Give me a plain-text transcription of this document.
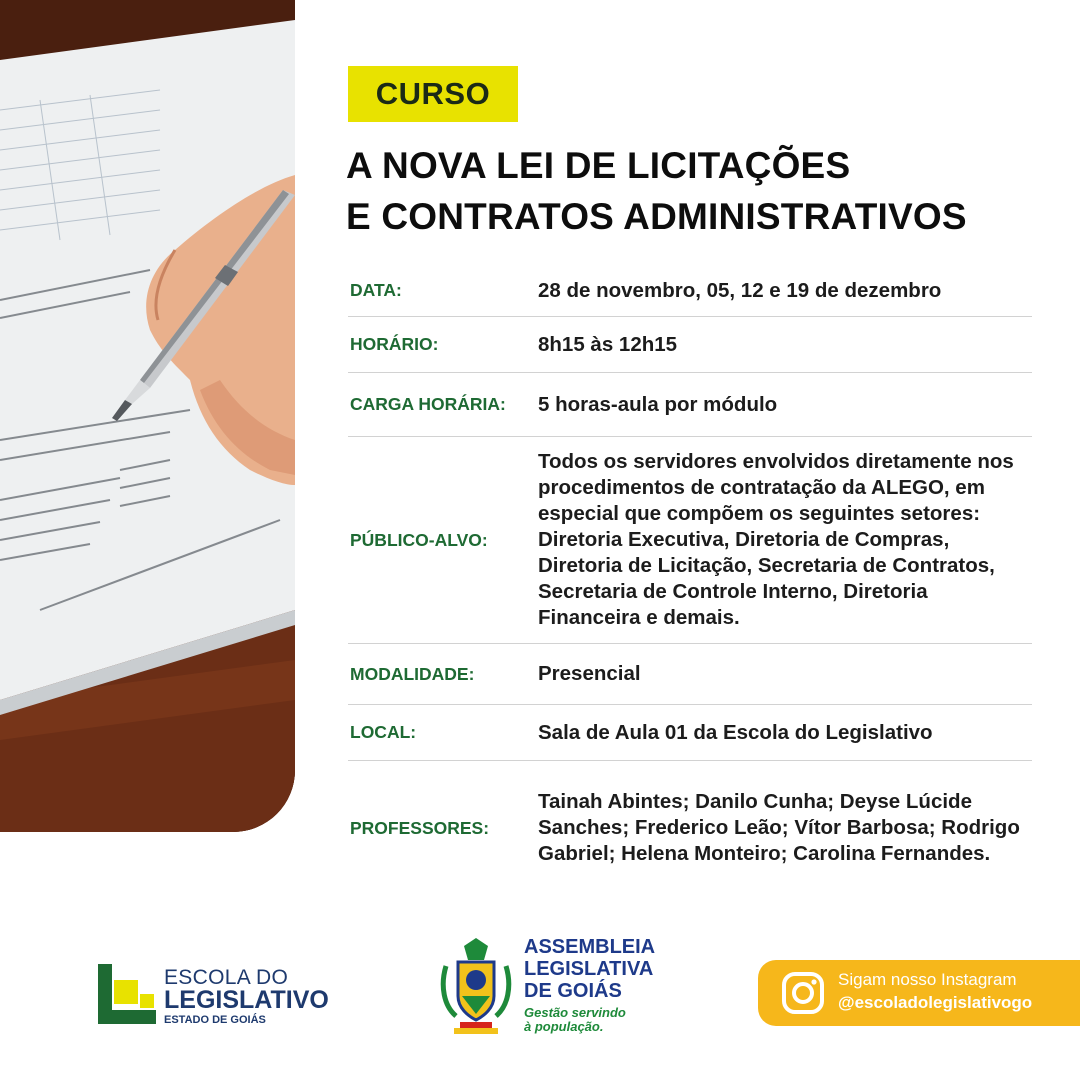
CURSO
A NOVA LEI DE LICITAÇÕES
E CONTRATOS ADMINISTRATIVOS
DATA:	28 de novembro, 05, 12 e 19 de dezembro
HORÁRIO:	8h15 às 12h15
CARGA HORÁRIA:	5 horas-aula por módulo
PÚBLICO-ALVO:
Todos os servidores envolvidos diretamente nos procedimentos de contratação da ALEGO, em especial que compõem os seguintes setores: Diretoria Executiva, Diretoria de Compras, Diretoria de Licitação, Secretaria de Contratos, Secretaria de Controle Interno, Diretoria Financeira e demais.
MODALIDADE:	Presencial
LOCAL:	Sala de Aula 01 da Escola do Legislativo
PROFESSORES:
Tainah Abintes; Danilo Cunha; Deyse Lúcide Sanches; Frederico Leão; Vítor Barbosa; Rodrigo Gabriel; Helena Monteiro; Carolina Fernandes.
ESCOLA DO
LEGISLATIVO
ESTADO DE GOIÁS
ASSEMBLEIA
LEGISLATIVA
DE GOIÁS
Gestão servindo
à população.
Sigam nosso Instagram
@escoladolegislativogo
